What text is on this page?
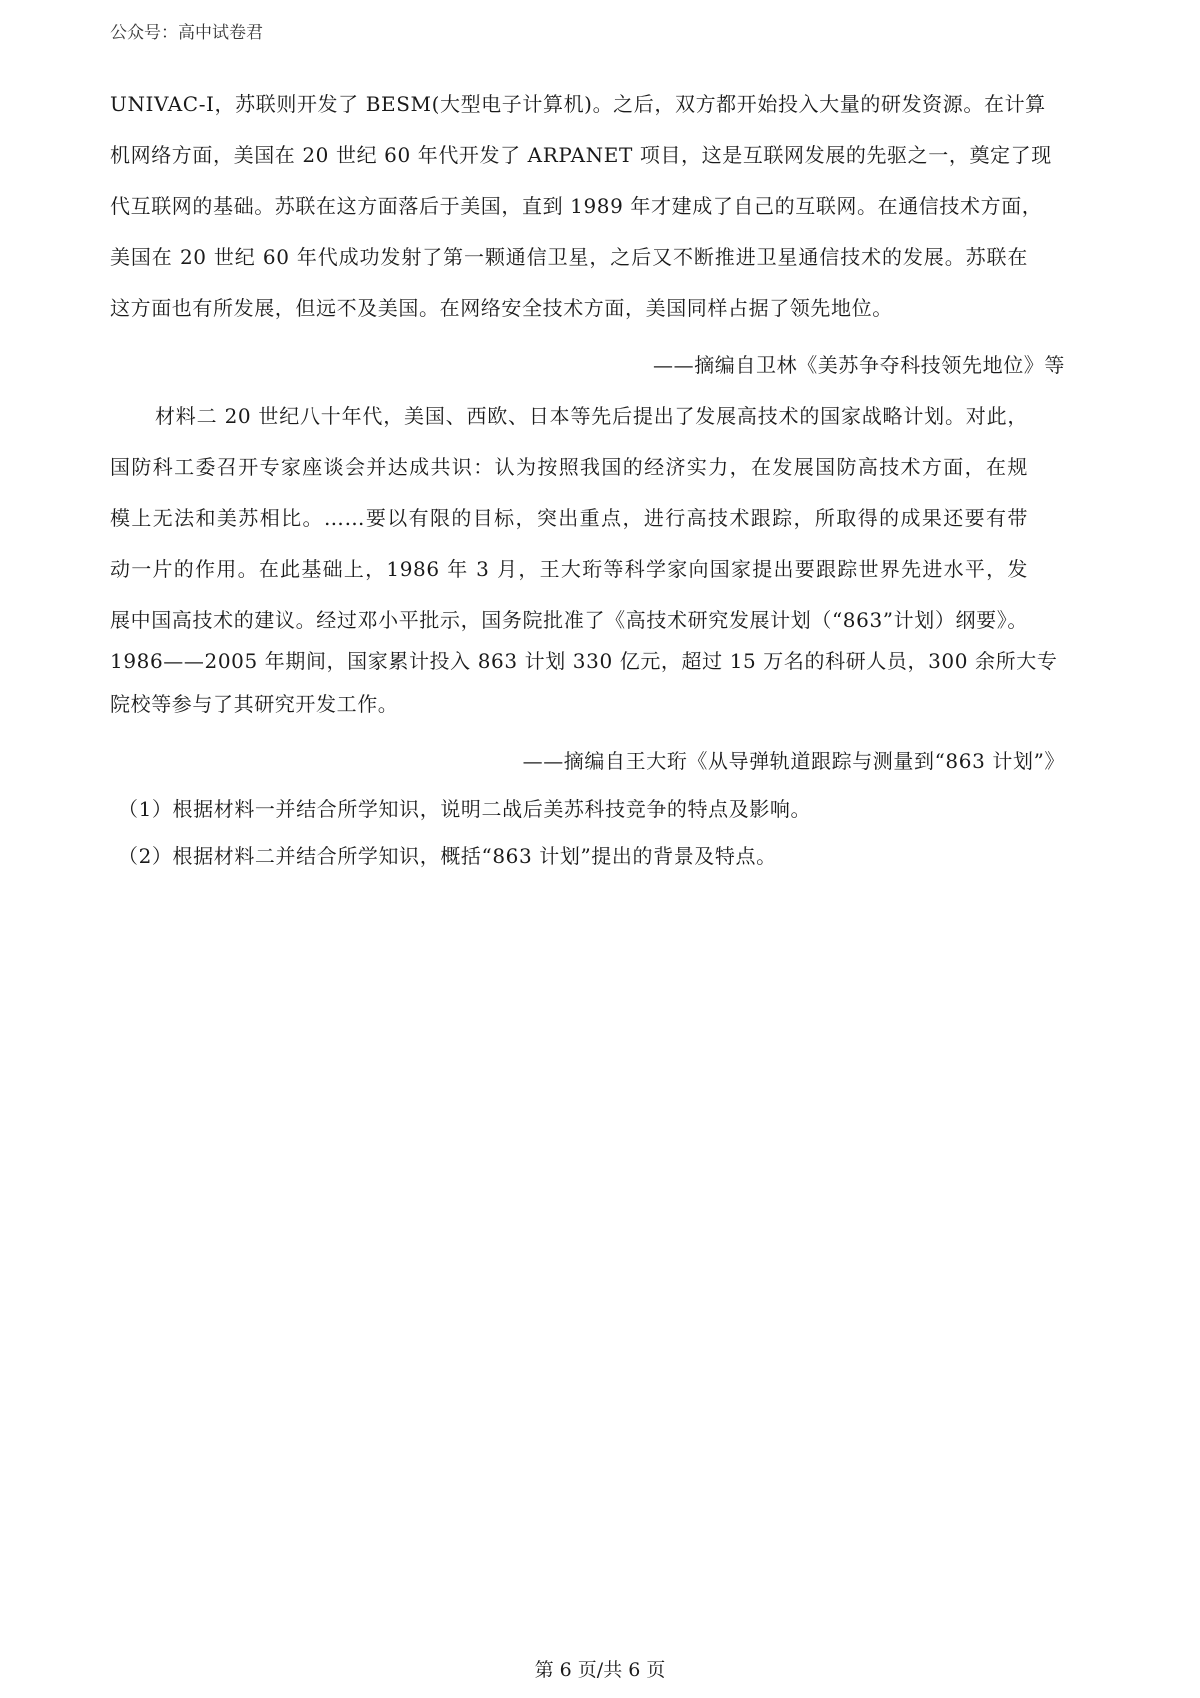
公众号：高中试卷君
UNIVAC-I，苏联则开发了 BESM(大型电子计算机)。之后，双方都开始投入大量的研发资源。在计算
机网络方面，美国在 20 世纪 60 年代开发了 ARPANET 项目，这是互联网发展的先驱之一，奠定了现
代互联网的基础。苏联在这方面落后于美国，直到 1989 年才建成了自己的互联网。在通信技术方面，
美国在 20 世纪 60 年代成功发射了第一颗通信卫星，之后又不断推进卫星通信技术的发展。苏联在
这方面也有所发展，但远不及美国。在网络安全技术方面，美国同样占据了领先地位。
——摘编自卫林《美苏争夺科技领先地位》等
材料二 20 世纪八十年代，美国、西欧、日本等先后提出了发展高技术的国家战略计划。对此，
国防科工委召开专家座谈会并达成共识：认为按照我国的经济实力，在发展国防高技术方面，在规
模上无法和美苏相比。……要以有限的目标，突出重点，进行高技术跟踪，所取得的成果还要有带
动一片的作用。在此基础上，1986 年 3 月，王大珩等科学家向国家提出要跟踪世界先进水平，发
展中国高技术的建议。经过邓小平批示，国务院批准了《高技术研究发展计划（“863”计划）纲要》。
1986——2005 年期间，国家累计投入 863 计划 330 亿元，超过 15 万名的科研人员，300 余所大专
院校等参与了其研究开发工作。
——摘编自王大珩《从导弹轨道跟踪与测量到“863 计划”》
（1）根据材料一并结合所学知识，说明二战后美苏科技竞争的特点及影响。
（2）根据材料二并结合所学知识，概括“863 计划”提出的背景及特点。
第 6 页/共 6 页
